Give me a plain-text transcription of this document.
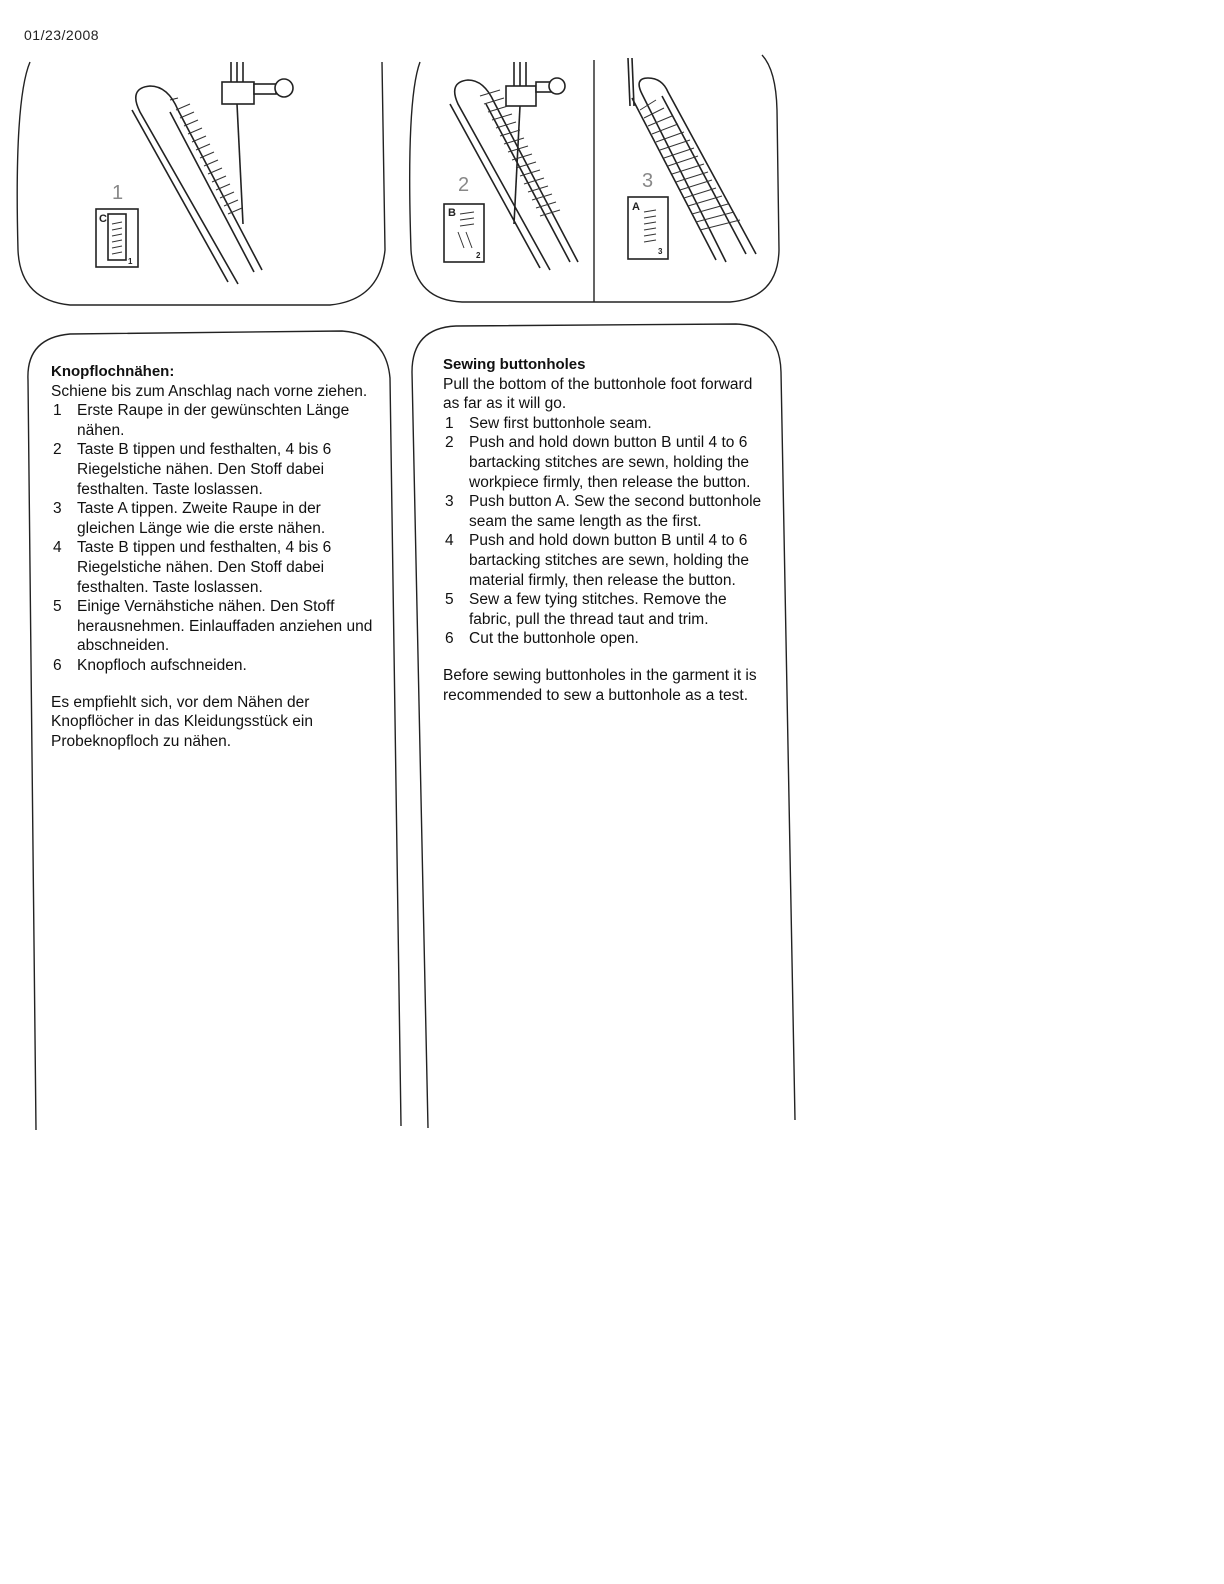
01/23/2008
C
1
B
2
A
3
1	2	3
Knopflochnähen:
Schiene bis zum Anschlag nach vorne ziehen.
1 Erste Raupe in der gewünschten Länge nähen.
2 Taste B tippen und festhalten, 4 bis 6 Riegelstiche nähen. Den Stoff dabei festhalten. Taste loslassen.
3 Taste A tippen. Zweite Raupe in der gleichen Länge wie die erste nähen.
4 Taste B tippen und festhalten, 4 bis 6 Riegelstiche nähen. Den Stoff dabei festhalten. Taste loslassen.
5 Einige Vernähstiche nähen. Den Stoff herausnehmen. Einlauffaden anziehen und abschneiden.
6 Knopfloch aufschneiden.
Es empfiehlt sich, vor dem Nähen der Knopflöcher in das Kleidungsstück ein Probeknopfloch zu nähen.
Sewing buttonholes
Pull the bottom of the buttonhole foot forward as far as it will go.
1 Sew first buttonhole seam.
2 Push and hold down button B until 4 to 6 bartacking stitches are sewn, holding the workpiece firmly, then release the button.
3 Push button A. Sew the second buttonhole seam the same length as the first.
4 Push and hold down button B until 4 to 6 bartacking stitches are sewn, holding the material firmly, then release the button.
5 Sew a few tying stitches. Remove the fabric, pull the thread taut and trim.
6 Cut the buttonhole open.
Before sewing buttonholes in the garment it is recommended to sew a buttonhole as a test.
